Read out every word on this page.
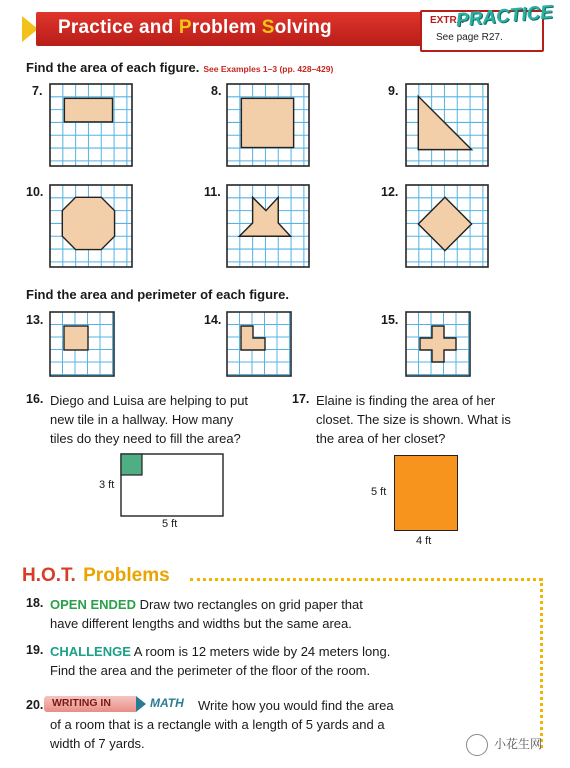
Practice and Problem Solving	EXTRA
PRACTICE
See page R27.
Find the area of each figure. See Examples 1–3 (pp. 428–429)
7.	8.	9.
10.	11.	12.
Find the area and perimeter of each figure.
13.	14.	15.
16. Diego and Luisa are helping to put
new tile in a hallway. How many
tiles do they need to fill the area?
3 ft
5 ft
17. Elaine is finding the area of her
closet. The size is shown. What is
the area of her closet?
5 ft
4 ft
H.O.T. Problems
18. OPEN ENDED Draw two rectangles on grid paper that
have different lengths and widths but the same area.
19. CHALLENGE A room is 12 meters wide by 24 meters long.
Find the area and the perimeter of the floor of the room.
20. WRITING IN	MATH Write how you would find the area
of a room that is a rectangle with a length of 5 yards and a
width of 7 yards.	小花生网
